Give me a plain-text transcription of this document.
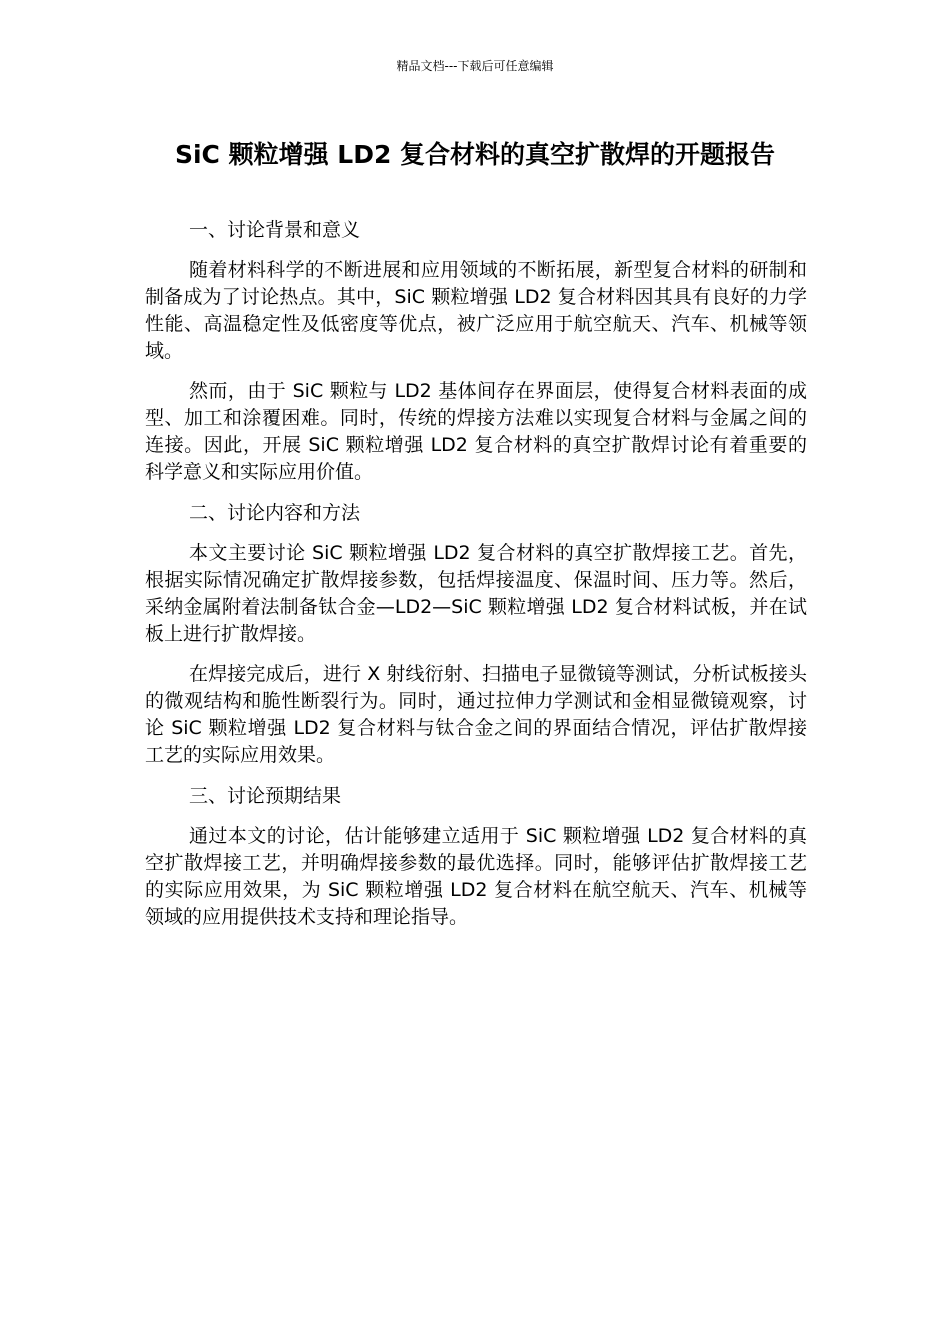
精品文档---下载后可任意编辑
SiC 颗粒增强 LD2 复合材料的真空扩散焊的开题报告

一、讨论背景和意义

随着材料科学的不断进展和应用领域的不断拓展，新型复合材料的研制和制备成为了讨论热点。其中，SiC 颗粒增强 LD2 复合材料因其具有良好的力学性能、高温稳定性及低密度等优点，被广泛应用于航空航天、汽车、机械等领域。

然而，由于 SiC 颗粒与 LD2 基体间存在界面层，使得复合材料表面的成型、加工和涂覆困难。同时，传统的焊接方法难以实现复合材料与金属之间的连接。因此，开展 SiC 颗粒增强 LD2 复合材料的真空扩散焊讨论有着重要的科学意义和实际应用价值。

二、讨论内容和方法

本文主要讨论 SiC 颗粒增强 LD2 复合材料的真空扩散焊接工艺。首先，根据实际情况确定扩散焊接参数，包括焊接温度、保温时间、压力等。然后，采纳金属附着法制备钛合金—LD2—SiC 颗粒增强 LD2 复合材料试板，并在试板上进行扩散焊接。

在焊接完成后，进行 X 射线衍射、扫描电子显微镜等测试，分析试板接头的微观结构和脆性断裂行为。同时，通过拉伸力学测试和金相显微镜观察，讨论 SiC 颗粒增强 LD2 复合材料与钛合金之间的界面结合情况，评估扩散焊接工艺的实际应用效果。

三、讨论预期结果

通过本文的讨论，估计能够建立适用于 SiC 颗粒增强 LD2 复合材料的真空扩散焊接工艺，并明确焊接参数的最优选择。同时，能够评估扩散焊接工艺的实际应用效果，为 SiC 颗粒增强 LD2 复合材料在航空航天、汽车、机械等领域的应用提供技术支持和理论指导。
